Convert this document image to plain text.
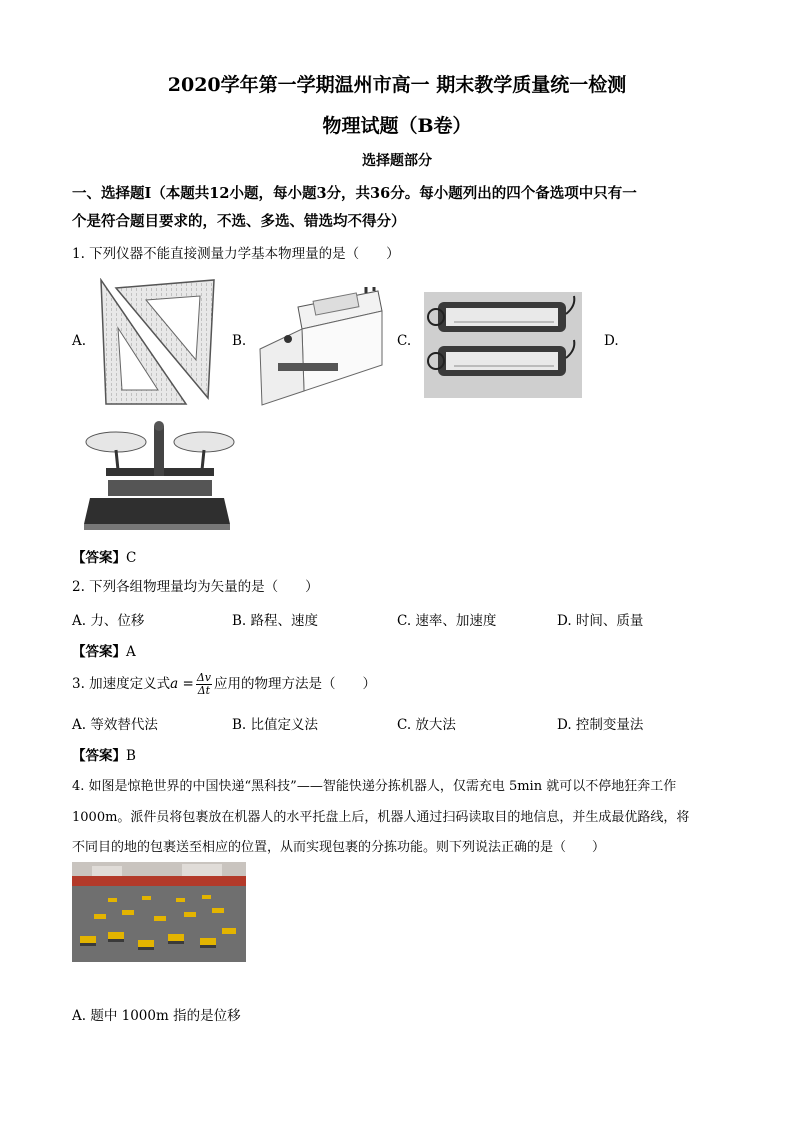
2020学年第一学期温州市高一 期末教学质量统一检测
物理试题（B卷）
选择题部分
一、选择题Ⅰ（本题共12小题，每小题3分，共36分。每小题列出的四个备选项中只有一
个是符合题目要求的，不选、多选、错选均不得分）
1. 下列仪器不能直接测量力学基本物理量的是（　　）
A.	B.	C.	D.
【答案】C
2. 下列各组物理量均为矢量的是（　　）
A. 力、位移	B. 路程、速度	C. 速率、加速度	D. 时间、质量
【答案】A
3. 加速度定义式$a = \frac{\Delta v}{\Delta t}$ 应用的物理方法是（　　）
A. 等效替代法	B. 比值定义法	C. 放大法	D. 控制变量法
【答案】B
4. 如图是惊艳世界的中国快递“黑科技”——智能快递分拣机器人，仅需充电 5min 就可以不停地狂奔工作
1000m。派件员将包裹放在机器人的水平托盘上后，机器人通过扫码读取目的地信息，并生成最优路线，将
不同目的地的包裹送至相应的位置，从而实现包裹的分拣功能。则下列说法正确的是（　　）
A. 题中 1000m 指的是位移
